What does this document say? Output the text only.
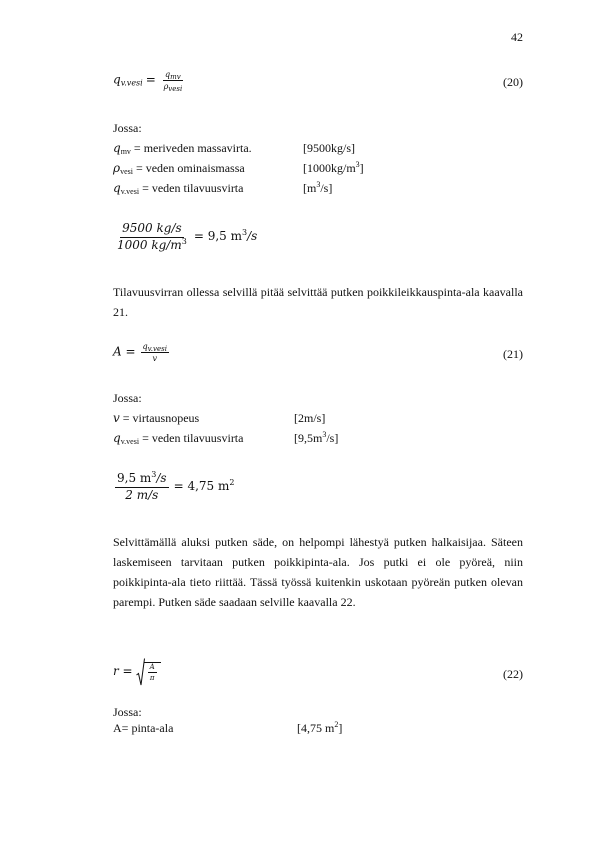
42
$q_{v.vesi} = \frac{q_{mv}}{\rho_{vesi}}$	(20)
Jossa:
$q_{mv}$ = meriveden massavirta.	[9500kg/s]
$\rho_{vesi}$ = veden ominaismassa	$[1000kg/m^3]$
$q_{v.vesi}$ = veden tilavuusvirta	$[m^3/s]$
$\frac{9500 kg/s}{1000 kg/m^3} = 9,5$ $m^3/s$
Tilavuusvirran ollessa selvillä pitää selvittää putken poikkileikkauspinta-ala kaavalla 21.
$A = \frac{q_{v.vesi}}{v}$	(21)
Jossa:
v = virtausnopeus	[2m/s]
$q_{v.vesi}$ = veden tilavuusvirta	$[9,5m^3/s]$
$\frac{9,5 m^3/s}{2 m/s} = 4,75$ $m^2$
Selvittämällä aluksi putken säde, on helpompi lähestyä putken halkaisijaa. Säteen laskemiseen tarvitaan putken poikkipinta-ala. Jos putki ei ole pyöreä, niin poikkipinta-ala tieto riittää. Tässä työssä kuitenkin uskotaan pyöreän putken olevan parempi. Putken säde saadaan selville kaavalla 22.
$r = \frac{A}{\pi}$	(22)
Jossa:
A= pinta-ala	[4,75 $m^2$]
